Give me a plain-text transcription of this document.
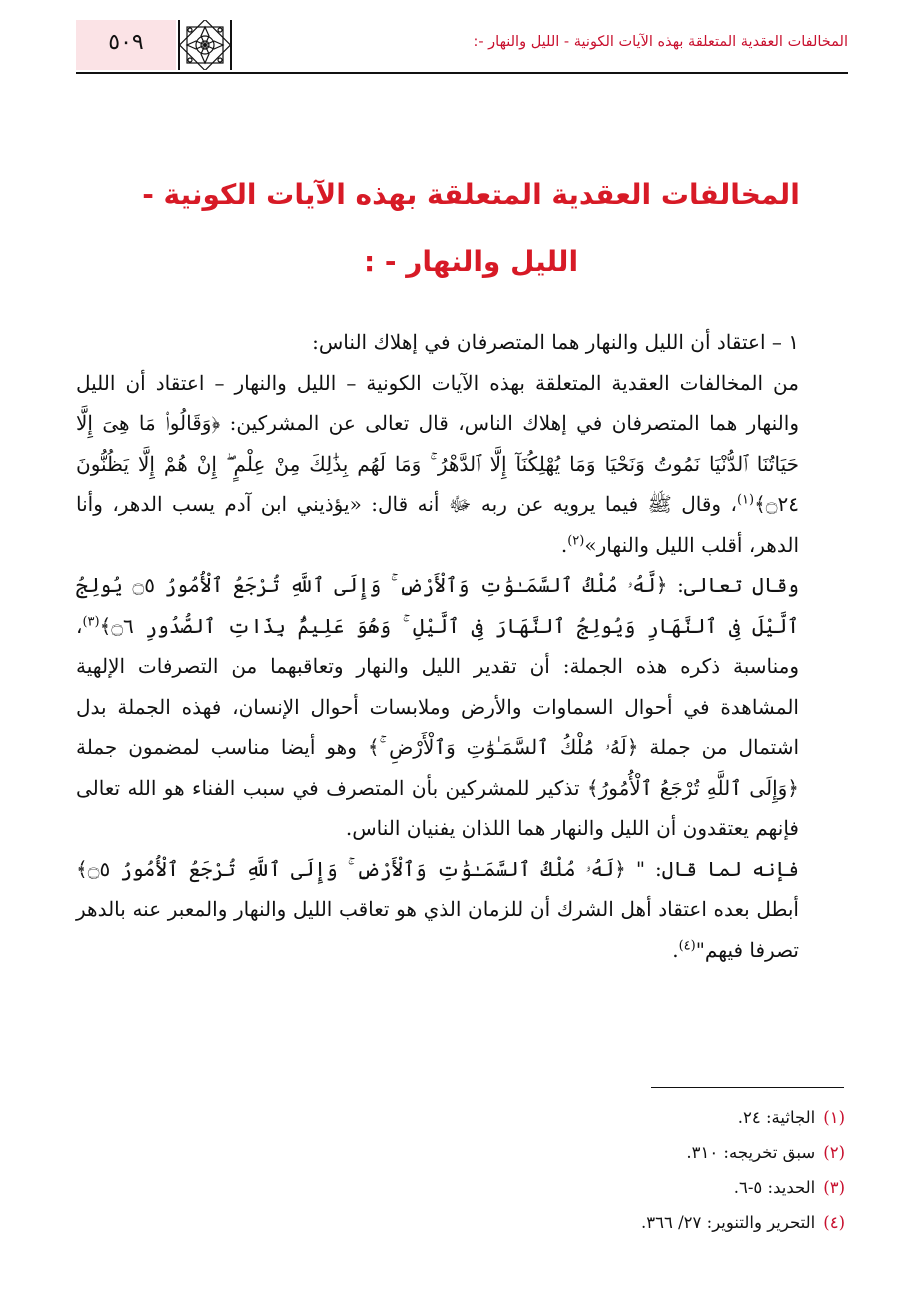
٥٠٩	المخالفات العقدية المتعلقة بهذه الآيات الكونية - الليل والنهار -:
المخالفات العقدية المتعلقة بهذه الآيات الكونية -
الليل والنهار - :

١ – اعتقاد أن الليل والنهار هما المتصرفان في إهلاك الناس:

من المخالفات العقدية المتعلقة بهذه الآيات الكونية – الليل والنهار – اعتقاد أن الليل والنهار هما المتصرفان في إهلاك الناس، قال تعالى عن المشركين: ﴿وَقَالُوا۟ مَا هِىَ إِلَّا حَيَاتُنَا ٱلدُّنْيَا نَمُوتُ وَنَحْيَا وَمَا يُهْلِكُنَآ إِلَّا ٱلدَّهْرُ ۚ وَمَا لَهُم بِذَٰلِكَ مِنْ عِلْمٍ ۖ إِنْ هُمْ إِلَّا يَظُنُّونَ ۝٢٤﴾$^{(١)}$، وقال ﷺ فيما يرويه عن ربه ﷻ أنه قال: «يؤذيني ابن آدم يسب الدهر، وأنا الدهر، أقلب الليل والنهار»$^{(٢)}$.

وقال تعالى: ﴿لَّهُۥ مُلْكُ ٱلسَّمَـٰوَٰتِ وَٱلْأَرْضِ ۚ وَإِلَى ٱللَّهِ تُرْجَعُ ٱلْأُمُورُ ۝٥ يُولِجُ ٱلَّيْلَ فِى ٱلنَّهَارِ وَيُولِجُ ٱلنَّهَارَ فِى ٱلَّيْلِ ۚ وَهُوَ عَلِيمٌۢ بِذَاتِ ٱلصُّدُورِ ۝٦﴾$^{(٣)}$، ومناسبة ذكره هذه الجملة: أن تقدير الليل والنهار وتعاقبهما من التصرفات الإلهية المشاهدة في أحوال السماوات والأرض وملابسات أحوال الإنسان، فهذه الجملة بدل اشتمال من جملة ﴿لَهُۥ مُلْكُ ٱلسَّمَـٰوَٰتِ وَٱلْأَرْضِ ۚ﴾ وهو أيضا مناسب لمضمون جملة ﴿وَإِلَى ٱللَّهِ تُرْجَعُ ٱلْأُمُورُ﴾ تذكير للمشركين بأن المتصرف في سبب الفناء هو الله تعالى فإنهم يعتقدون أن الليل والنهار هما اللذان يفنيان الناس.

فإنه لما قال: " ﴿لَهُۥ مُلْكُ ٱلسَّمَـٰوَٰتِ وَٱلْأَرْضِ ۚ وَإِلَى ٱللَّهِ تُرْجَعُ ٱلْأُمُورُ ۝٥﴾ أبطل بعده اعتقاد أهل الشرك أن للزمان الذي هو تعاقب الليل والنهار والمعبر عنه بالدهر تصرفا فيهم"$^{(٤)}$.

(١)الجاثية: ٢٤.
(٢)سبق تخريجه: ٣١٠.
(٣)الحديد: ٥-٦.
(٤)التحرير والتنوير: ٢٧/ ٣٦٦.
